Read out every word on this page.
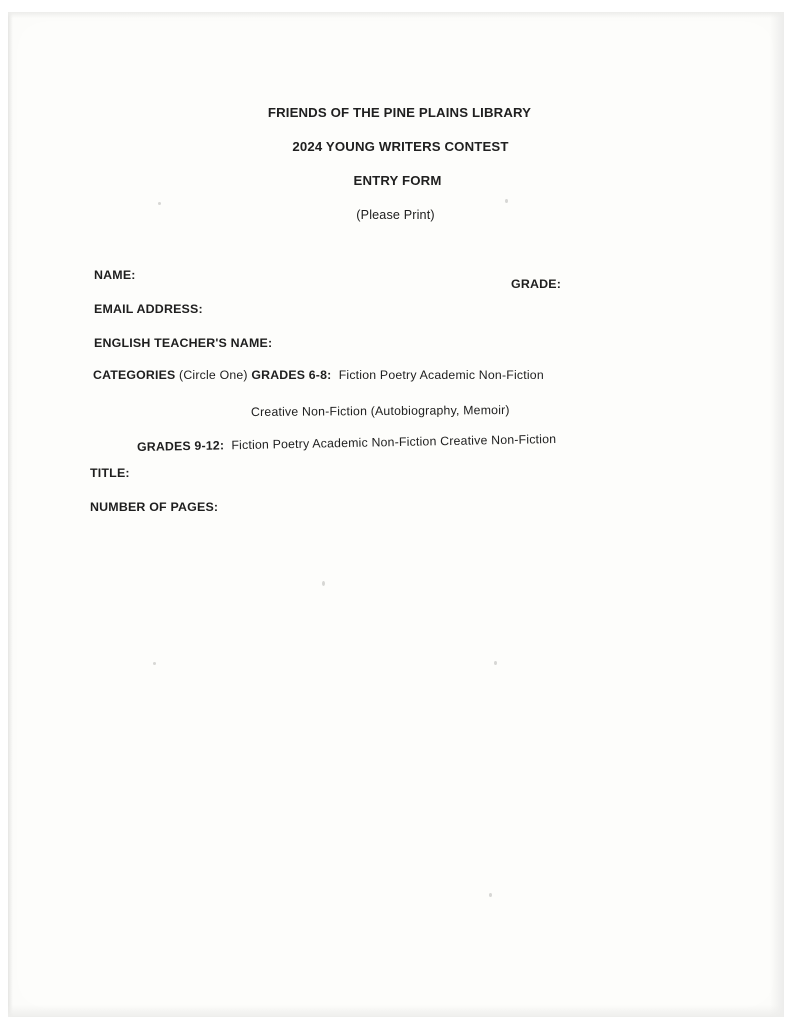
FRIENDS OF THE PINE PLAINS LIBRARY
2024 YOUNG WRITERS CONTEST
ENTRY FORM
(Please Print)
NAME:
GRADE:
EMAIL ADDRESS:
ENGLISH TEACHER'S NAME:
CATEGORIES (Circle One) GRADES 6-8: Fiction Poetry Academic Non-Fiction
Creative Non-Fiction (Autobiography, Memoir)
GRADES 9-12: Fiction Poetry Academic Non-Fiction Creative Non-Fiction
TITLE:
NUMBER OF PAGES:
